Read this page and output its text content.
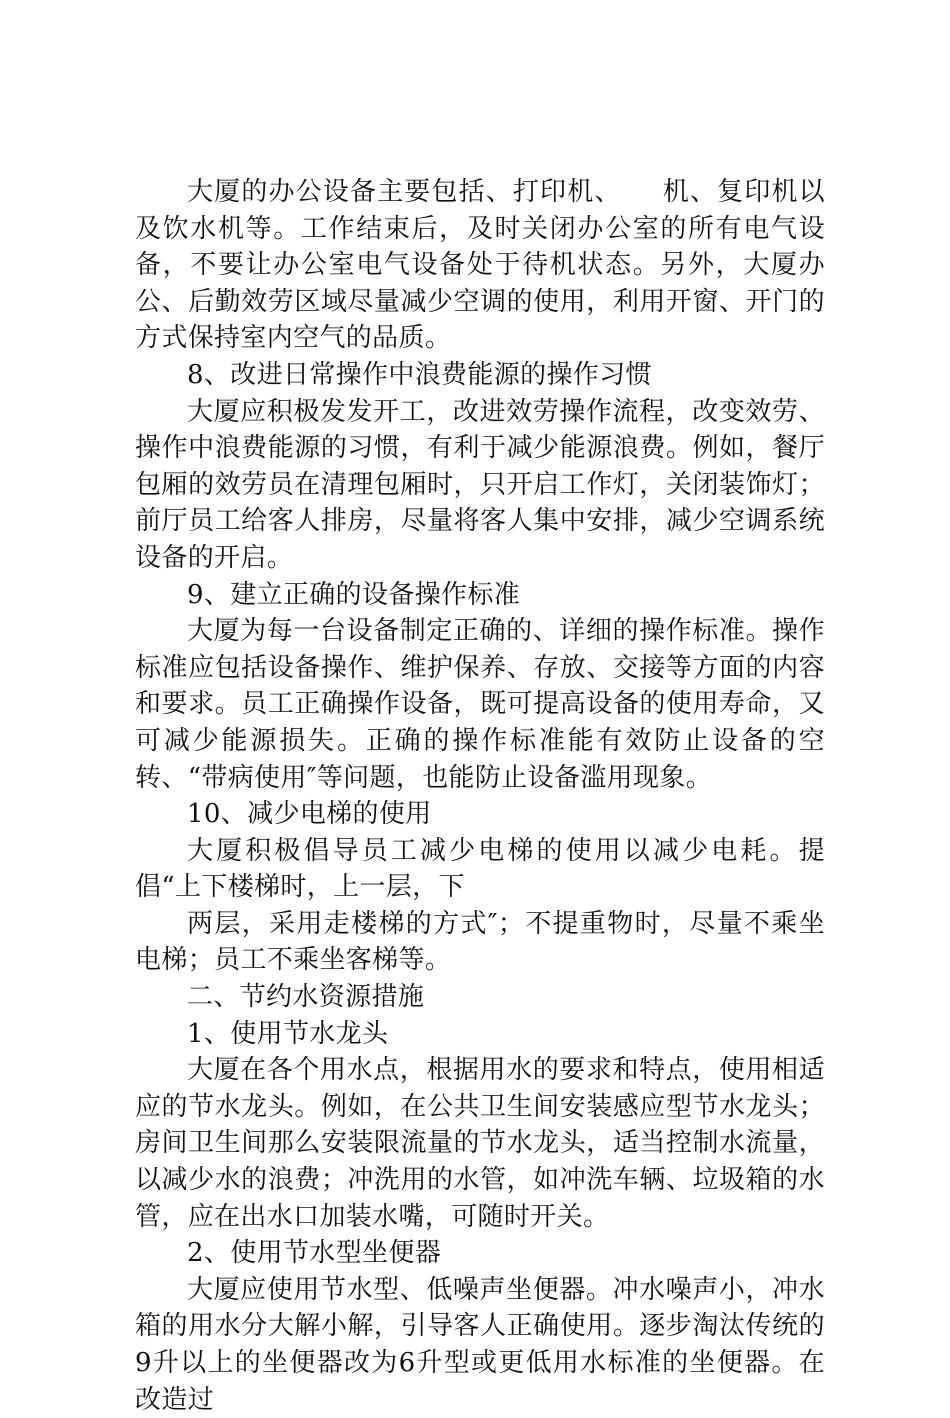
大厦的办公设备主要包括、打印机、　　机、复印机以及饮水机等。工作结束后，及时关闭办公室的所有电气设备，不要让办公室电气设备处于待机状态。另外，大厦办公、后勤效劳区域尽量减少空调的使用，利用开窗、开门的方式保持室内空气的品质。

8、改进日常操作中浪费能源的操作习惯

大厦应积极发发开工，改进效劳操作流程，改变效劳、操作中浪费能源的习惯，有利于减少能源浪费。例如，餐厅包厢的效劳员在清理包厢时，只开启工作灯，关闭装饰灯；前厅员工给客人排房，尽量将客人集中安排，减少空调系统设备的开启。

9、建立正确的设备操作标准

大厦为每一台设备制定正确的、详细的操作标准。操作标准应包括设备操作、维护保养、存放、交接等方面的内容和要求。员工正确操作设备，既可提高设备的使用寿命，又可减少能源损失。正确的操作标准能有效防止设备的空转、“带病使用″等问题，也能防止设备滥用现象。

10、减少电梯的使用

大厦积极倡导员工减少电梯的使用以减少电耗。提倡“上下楼梯时，上一层，下

两层，采用走楼梯的方式″；不提重物时，尽量不乘坐电梯；员工不乘坐客梯等。

二、节约水资源措施

1、使用节水龙头

大厦在各个用水点，根据用水的要求和特点，使用相适应的节水龙头。例如，在公共卫生间安装感应型节水龙头；房间卫生间那么安装限流量的节水龙头，适当控制水流量，以减少水的浪费；冲洗用的水管，如冲洗车辆、垃圾箱的水管，应在出水口加装水嘴，可随时开关。

2、使用节水型坐便器

大厦应使用节水型、低噪声坐便器。冲水噪声小，冲水箱的用水分大解小解，引导客人正确使用。逐步淘汰传统的9升以上的坐便器改为6升型或更低用水标准的坐便器。在改造过
